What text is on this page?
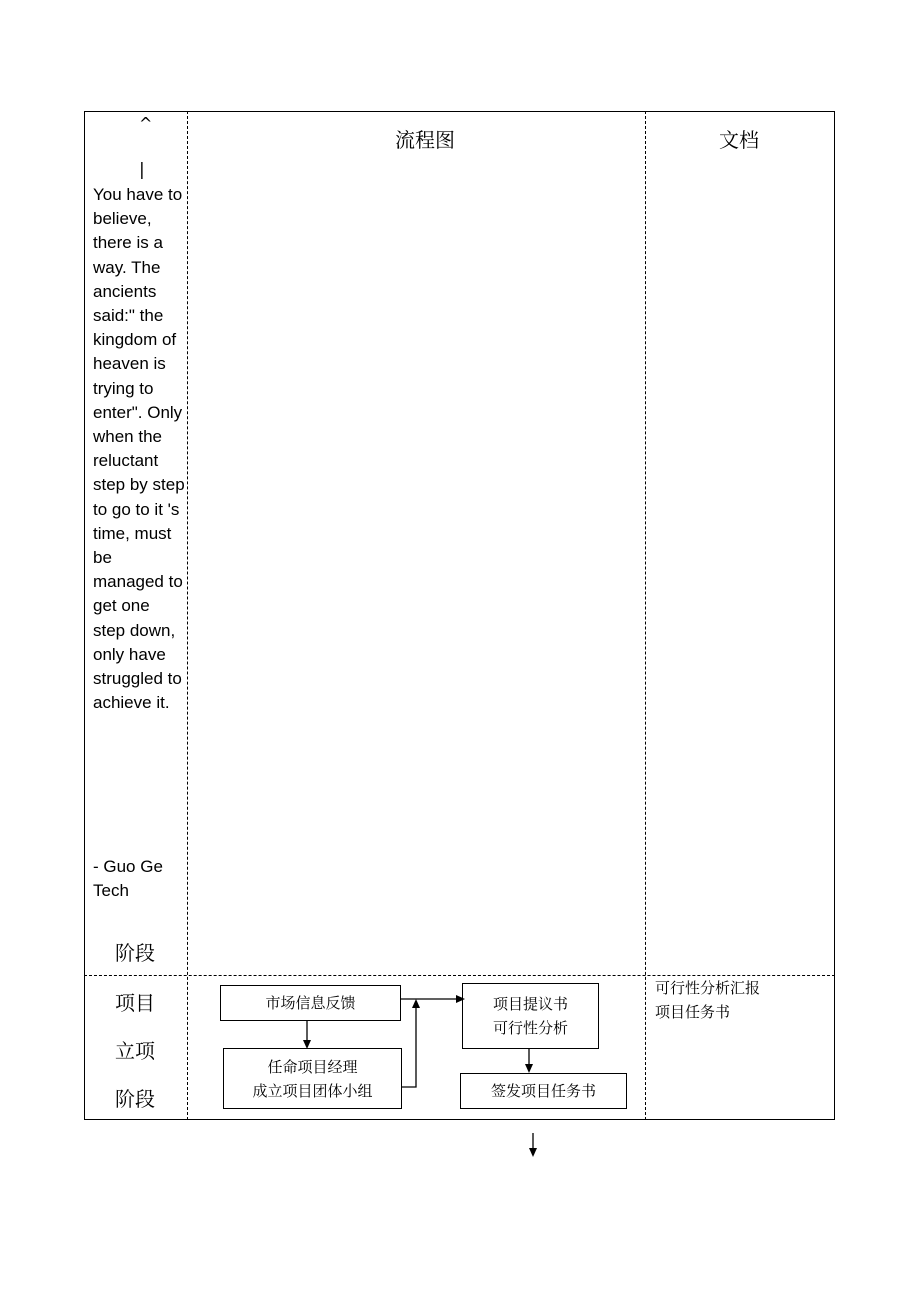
^
|
You have to believe, there is a way. The ancients said:" the kingdom of heaven is trying to enter". Only when the reluctant step by step to go to it 's time, must be managed to get one step down, only have struggled to achieve it.
- Guo Ge Tech
阶段
流程图	文档
项目
立项
阶段
市场信息反馈
任命项目经理
成立项目团体小组
项目提议书
可行性分析
签发项目任务书
可行性分析汇报
项目任务书
